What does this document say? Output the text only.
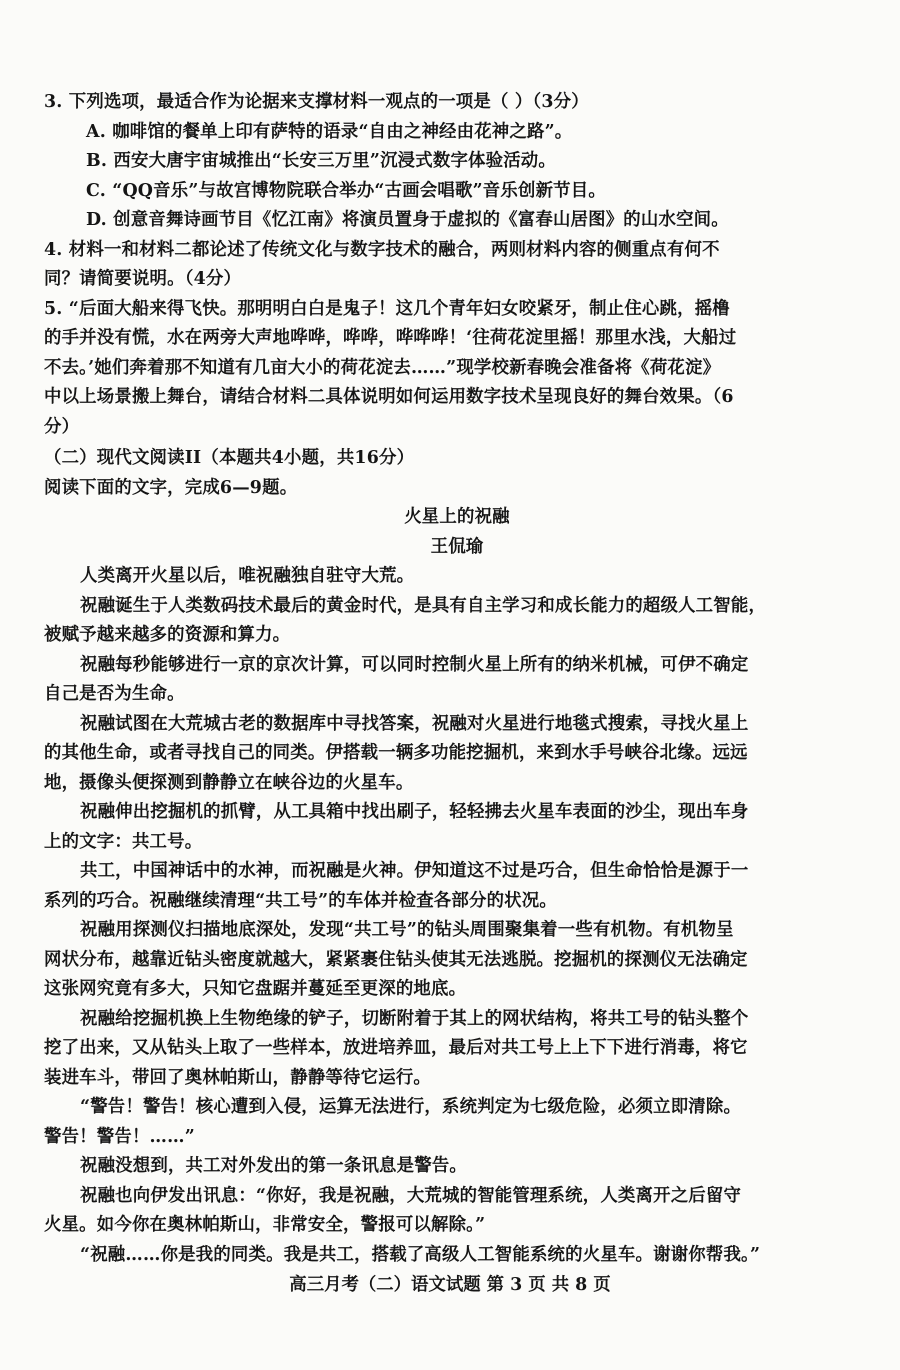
3. 下列选项，最适合作为论据来支撑材料一观点的一项是（ ）（3分）
A. 咖啡馆的餐单上印有萨特的语录“自由之神经由花神之路”。
B. 西安大唐宇宙城推出“长安三万里”沉浸式数字体验活动。
C. “QQ音乐”与故宫博物院联合举办“古画会唱歌”音乐创新节目。
D. 创意音舞诗画节目《忆江南》将演员置身于虚拟的《富春山居图》的山水空间。
4. 材料一和材料二都论述了传统文化与数字技术的融合，两则材料内容的侧重点有何不
同？请简要说明。（4分）
5. “后面大船来得飞快。那明明白白是鬼子！这几个青年妇女咬紧牙，制止住心跳，摇橹
的手并没有慌，水在两旁大声地哗哗，哗哗，哗哗哗！‘往荷花淀里摇！那里水浅，大船过
不去。’她们奔着那不知道有几亩大小的荷花淀去……”现学校新春晚会准备将《荷花淀》
中以上场景搬上舞台，请结合材料二具体说明如何运用数字技术呈现良好的舞台效果。（6
分）
（二）现代文阅读II（本题共4小题，共16分）
阅读下面的文字，完成6—9题。
火星上的祝融
王侃瑜
人类离开火星以后，唯祝融独自驻守大荒。
祝融诞生于人类数码技术最后的黄金时代，是具有自主学习和成长能力的超级人工智能，
被赋予越来越多的资源和算力。
祝融每秒能够进行一京的京次计算，可以同时控制火星上所有的纳米机械，可伊不确定
自己是否为生命。
祝融试图在大荒城古老的数据库中寻找答案，祝融对火星进行地毯式搜索，寻找火星上
的其他生命，或者寻找自己的同类。伊搭载一辆多功能挖掘机，来到水手号峡谷北缘。远远
地，摄像头便探测到静静立在峡谷边的火星车。
祝融伸出挖掘机的抓臂，从工具箱中找出刷子，轻轻拂去火星车表面的沙尘，现出车身
上的文字：共工号。
共工，中国神话中的水神，而祝融是火神。伊知道这不过是巧合，但生命恰恰是源于一
系列的巧合。祝融继续清理“共工号”的车体并检查各部分的状况。
祝融用探测仪扫描地底深处，发现“共工号”的钻头周围聚集着一些有机物。有机物呈
网状分布，越靠近钻头密度就越大，紧紧裹住钻头使其无法逃脱。挖掘机的探测仪无法确定
这张网究竟有多大，只知它盘踞并蔓延至更深的地底。
祝融给挖掘机换上生物绝缘的铲子，切断附着于其上的网状结构，将共工号的钻头整个
挖了出来，又从钻头上取了一些样本，放进培养皿，最后对共工号上上下下进行消毒，将它
装进车斗，带回了奥林帕斯山，静静等待它运行。
“警告！警告！核心遭到入侵，运算无法进行，系统判定为七级危险，必须立即清除。
警告！警告！……”
祝融没想到，共工对外发出的第一条讯息是警告。
祝融也向伊发出讯息：“你好，我是祝融，大荒城的智能管理系统，人类离开之后留守
火星。如今你在奥林帕斯山，非常安全，警报可以解除。”
“祝融……你是我的同类。我是共工，搭载了高级人工智能系统的火星车。谢谢你帮我。”
高三月考（二）语文试题 第 3 页 共 8 页
